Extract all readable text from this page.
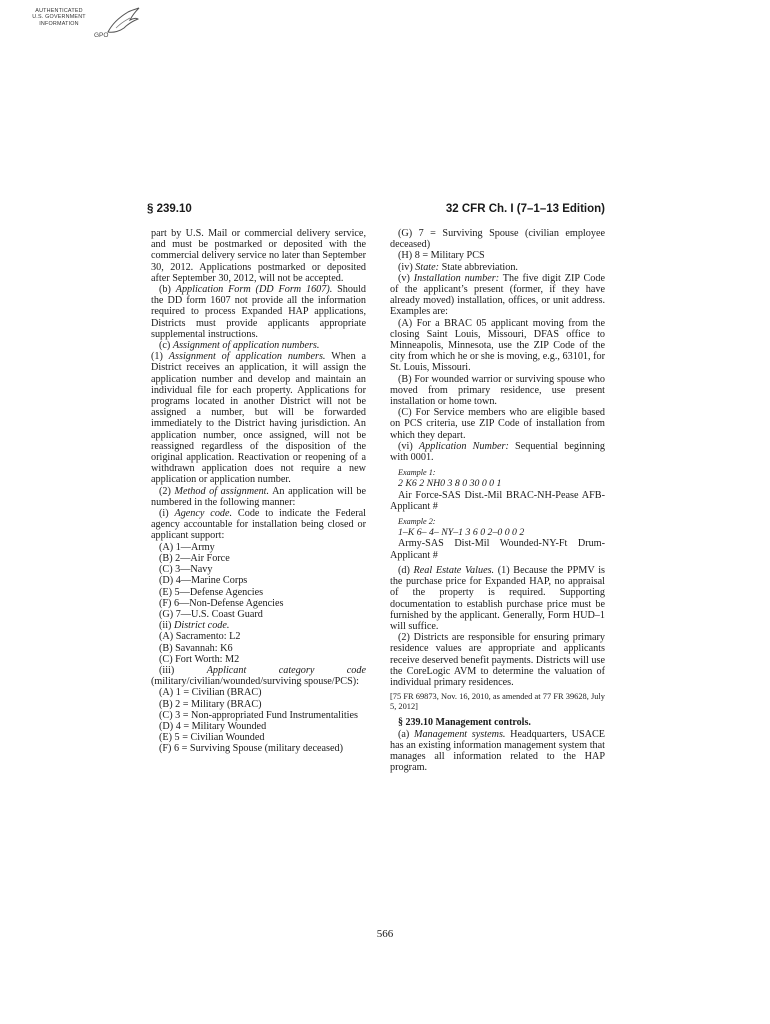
AUTHENTICATED
U.S. GOVERNMENT
INFORMATION
GPO
§ 239.10	32 CFR Ch. I (7–1–13 Edition)

part by U.S. Mail or commercial delivery service, and must be postmarked or deposited with the commercial delivery service no later than September 30, 2012. Applications postmarked or deposited after September 30, 2012, will not be accepted.

(b) Application Form (DD Form 1607). Should the DD form 1607 not provide all the information required to process Expanded HAP applications, Districts must provide applicants appropriate supplemental instructions.

(c) Assignment of application numbers.

(1) Assignment of application numbers. When a District receives an application, it will assign the application number and develop and maintain an individual file for each property. Applications for programs located in another District will not be assigned a number, but will be forwarded immediately to the District having jurisdiction. An application number, once assigned, will not be reassigned regardless of the disposition of the original application. Reactivation or reopening of a withdrawn application does not require a new application or application number.

(2) Method of assignment. An application will be numbered in the following manner:

(i) Agency code. Code to indicate the Federal agency accountable for installation being closed or applicant support:

(A) 1—Army

(B) 2—Air Force

(C) 3—Navy

(D) 4—Marine Corps

(E) 5—Defense Agencies

(F) 6—Non-Defense Agencies

(G) 7—U.S. Coast Guard

(ii) District code.

(A) Sacramento: L2

(B) Savannah: K6

(C) Fort Worth: M2

(iii) Applicant category code (military/civilian/wounded/surviving spouse/PCS):

(A) 1 = Civilian (BRAC)

(B) 2 = Military (BRAC)

(C) 3 = Non-appropriated Fund Instrumentalities

(D) 4 = Military Wounded

(E) 5 = Civilian Wounded

(F) 6 = Surviving Spouse (military deceased)

(G) 7 = Surviving Spouse (civilian employee deceased)

(H) 8 = Military PCS

(iv) State: State abbreviation.

(v) Installation number: The five digit ZIP Code of the applicant’s present (former, if they have already moved) installation, offices, or unit address. Examples are:

(A) For a BRAC 05 applicant moving from the closing Saint Louis, Missouri, DFAS office to Minneapolis, Minnesota, use the ZIP Code of the city from which he or she is moving, e.g., 63101, for St. Louis, Missouri.

(B) For wounded warrior or surviving spouse who moved from primary residence, use present installation or home town.

(C) For Service members who are eligible based on PCS criteria, use ZIP Code of installation from which they depart.

(vi) Application Number: Sequential beginning with 0001.

Example 1:

2 K6 2 NH0 3 8 0 30 0 0 1

Air Force-SAS Dist.-Mil BRAC-NH-Pease AFB-Applicant #

Example 2:

1–K 6– 4– NY–1 3 6 0 2–0 0 0 2

Army-SAS Dist-Mil Wounded-NY-Ft Drum-Applicant #

(d) Real Estate Values. (1) Because the PPMV is the purchase price for Expanded HAP, no appraisal of the property is required. Supporting documentation to establish purchase price must be furnished by the applicant. Generally, Form HUD–1 will suffice.

(2) Districts are responsible for ensuring primary residence values are appropriate and applicants receive deserved benefit payments. Districts will use the CoreLogic AVM to determine the valuation of individual primary residences.

[75 FR 69873, Nov. 16, 2010, as amended at 77 FR 39628, July 5, 2012]

§ 239.10 Management controls.

(a) Management systems. Headquarters, USACE has an existing information management system that manages all information related to the HAP program.

566
